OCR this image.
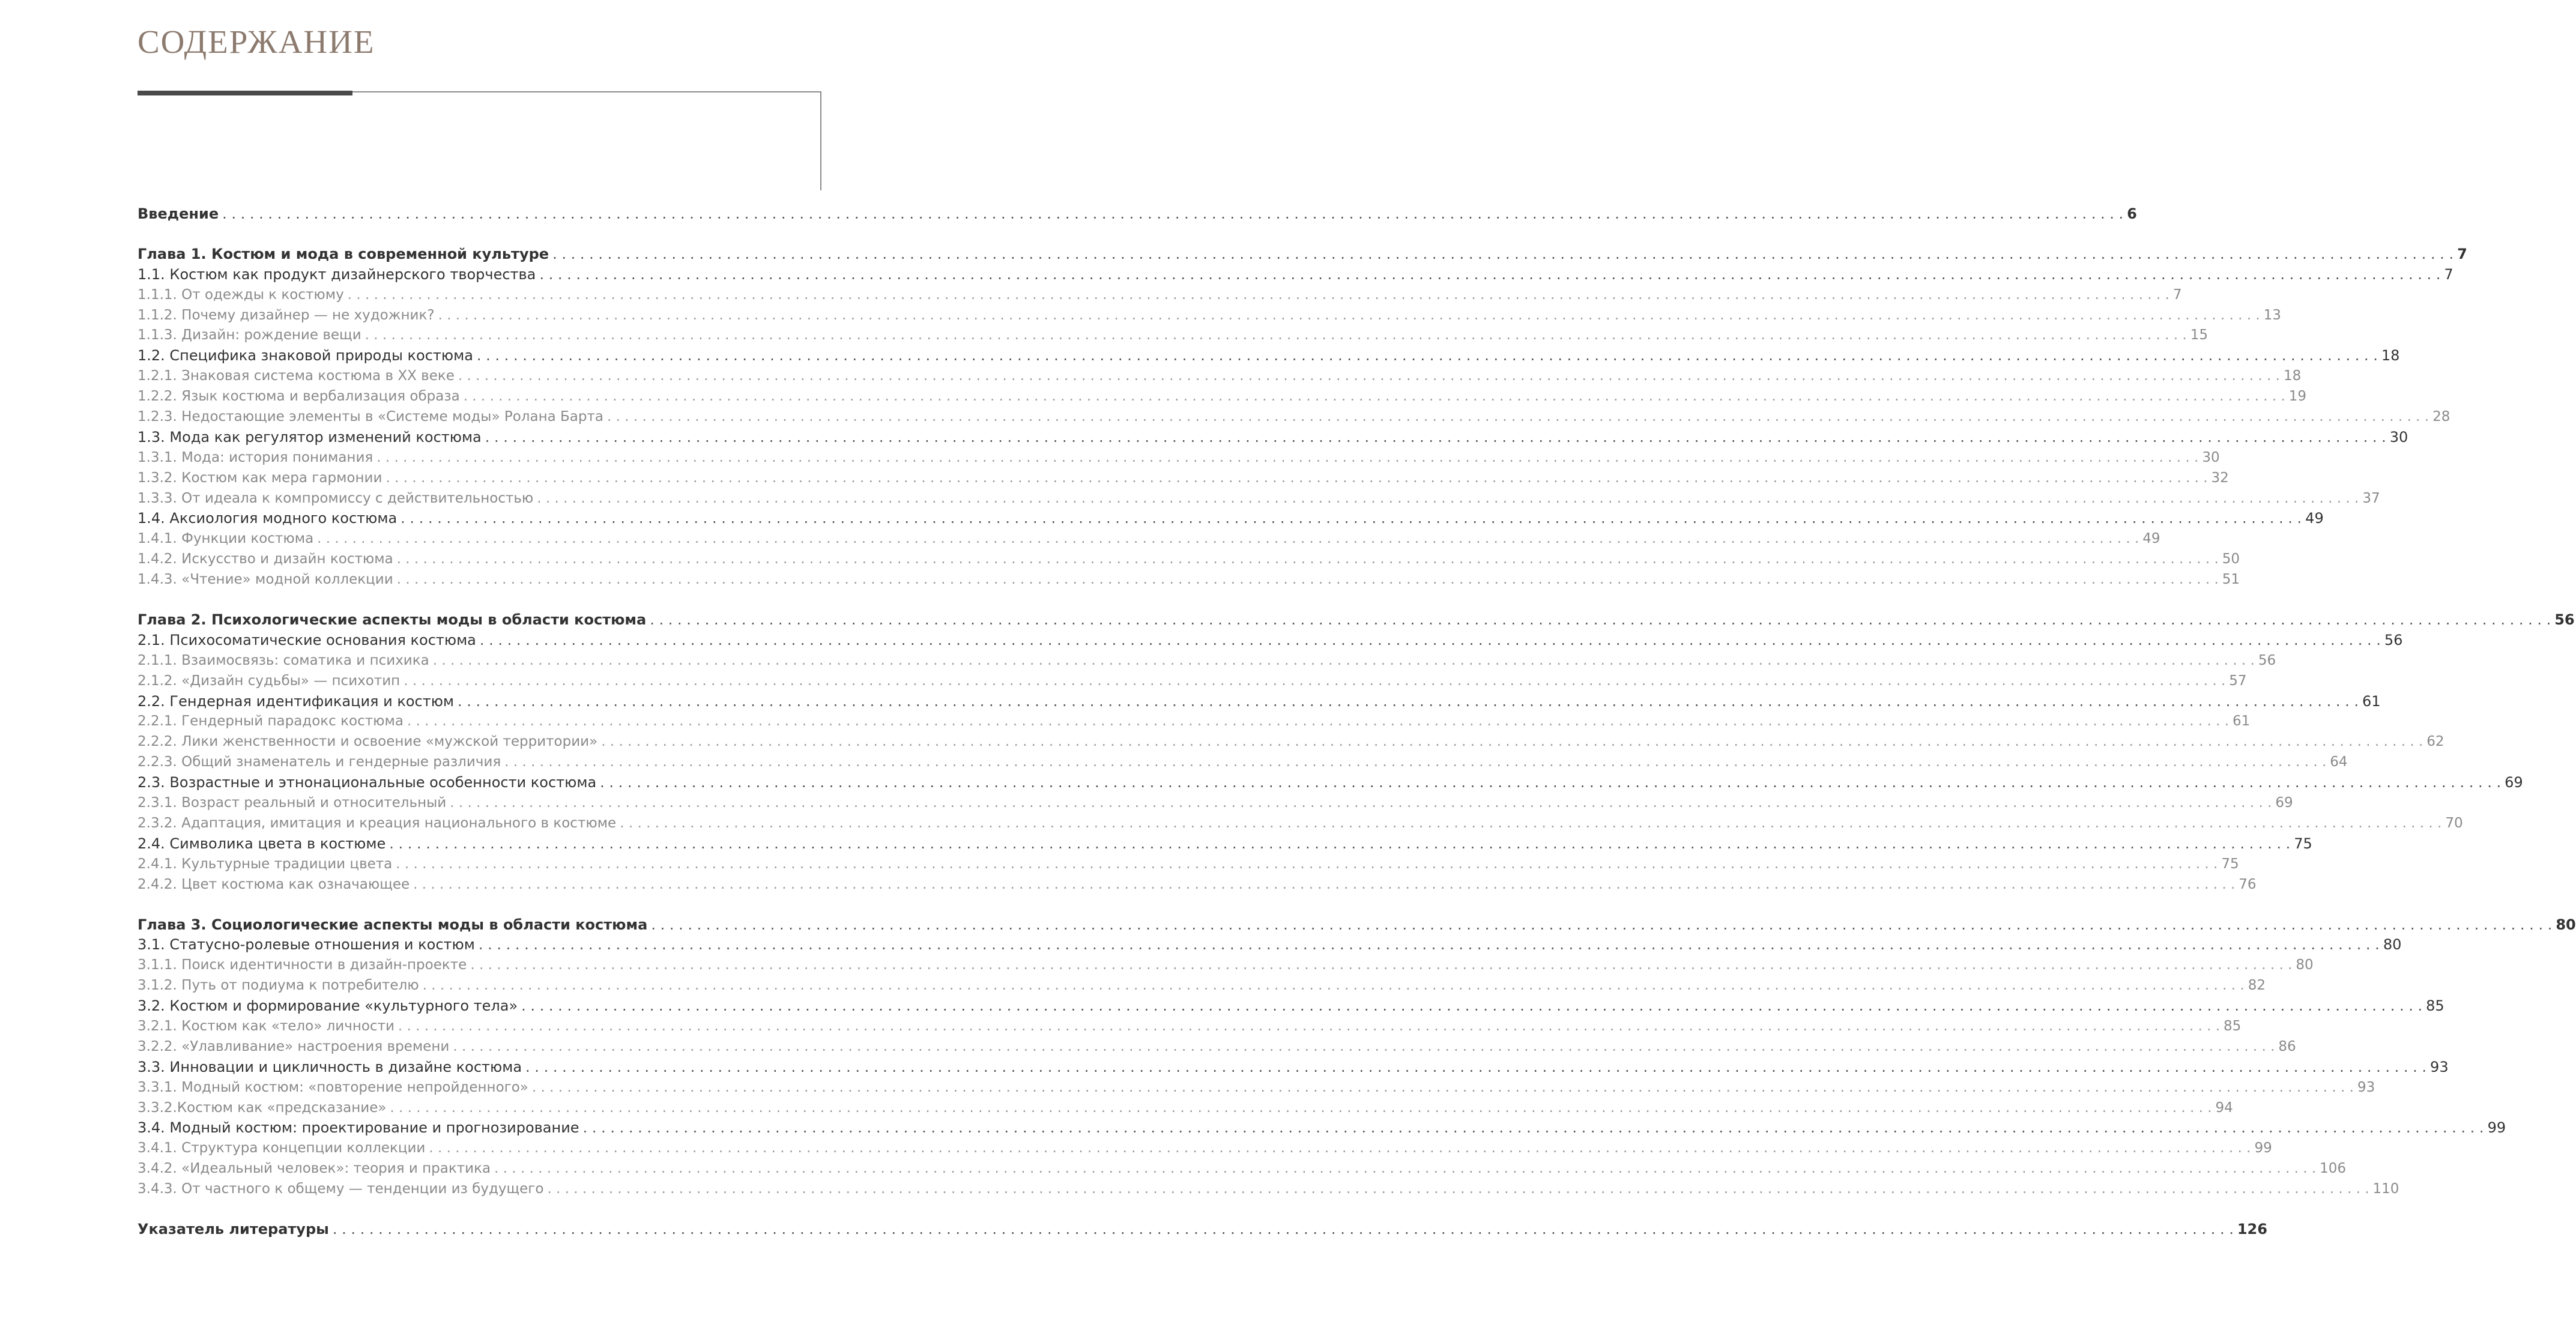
СОДЕРЖАНИЕ
Введение . . .	6
Глава 1. Костюм и мода в современной культуре . . .	7
1.1. Костюм как продукт дизайнерского творчества . . .	7
1.1.1. От одежды к костюму . . .	7
1.1.2. Почему дизайнер — не художник? . . .	13
1.1.3. Дизайн: рождение вещи . . .	15
1.2. Специфика знаковой природы костюма . . .	18
1.2.1. Знаковая система костюма в XX веке . . .	18
1.2.2. Язык костюма и вербализация образа . . .	19
1.2.3. Недостающие элементы в «Системе моды» Ролана Барта . . .	28
1.3. Мода как регулятор изменений костюма . . .	30
1.3.1. Мода: история понимания . . .	30
1.3.2. Костюм как мера гармонии . . .	32
1.3.3. От идеала к компромиссу с действительностью . . .	37
1.4. Аксиология модного костюма . . .	49
1.4.1. Функции костюма . . .	49
1.4.2. Искусство и дизайн костюма . . .	50
1.4.3. «Чтение» модной коллекции . . .	51
Глава 2. Психологические аспекты моды в области костюма . . .	56
2.1. Психосоматические основания костюма . . .	56
2.1.1. Взаимосвязь: соматика и психика . . .	56
2.1.2. «Дизайн судьбы» — психотип . . .	57
2.2. Гендерная идентификация и костюм . . .	61
2.2.1. Гендерный парадокс костюма . . .	61
2.2.2. Лики женственности и освоение «мужской территории» . . .	62
2.2.3. Общий знаменатель и гендерные различия . . .	64
2.3. Возрастные и этнонациональные особенности костюма . . .	69
2.3.1. Возраст реальный и относительный . . .	69
2.3.2. Адаптация, имитация и креация национального в костюме . . .	70
2.4. Символика цвета в костюме . . .	75
2.4.1. Культурные традиции цвета . . .	75
2.4.2. Цвет костюма как означающее . . .	76
Глава 3. Социологические аспекты моды в области костюма . . .	80
3.1. Статусно-ролевые отношения и костюм . . .	80
3.1.1. Поиск идентичности в дизайн-проекте . . .	80
3.1.2. Путь от подиума к потребителю . . .	82
3.2. Костюм и формирование «культурного тела» . . .	85
3.2.1. Костюм как «тело» личности . . .	85
3.2.2. «Улавливание» настроения времени . . .	86
3.3. Инновации и цикличность в дизайне костюма . . .	93
3.3.1. Модный костюм: «повторение непройденного» . . .	93
3.3.2.Костюм как «предсказание» . . .	94
3.4. Модный костюм: проектирование и прогнозирование . . .	99
3.4.1. Структура концепции коллекции . . .	99
3.4.2. «Идеальный человек»: теория и практика . . .	106
3.4.3. От частного к общему — тенденции из будущего . . .	110
Указатель литературы . . .	126
